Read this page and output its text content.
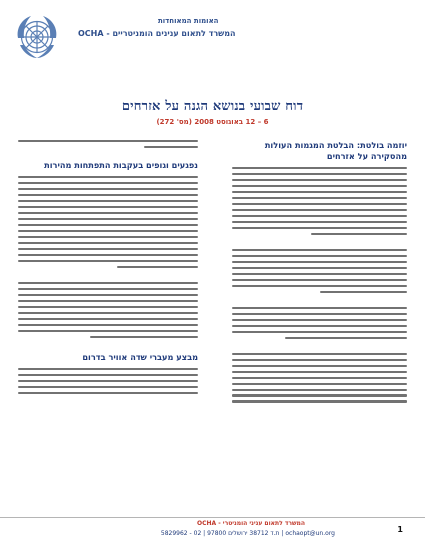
האומות המאוחדות
המשרד לתאום ענינים הומניטריים - OCHA
דוח שבועי בנושא הגנה על אזרחים
6 – 12 באוגוסט 2008 (מס' 272)
יוזמה בולטת: הבלטת המגמות העולות מהסקירה על אזרחים
נפגעים וגופים בעקבות התפתחות מהירות
מבצע מעברי שדה אוויר בדרום
המשרד לתאום עניני הומניטרי - OCHA
ת.ד 38712 ירושלים 97800 | 02 - 5829962 | ochaopt@un.org	1
